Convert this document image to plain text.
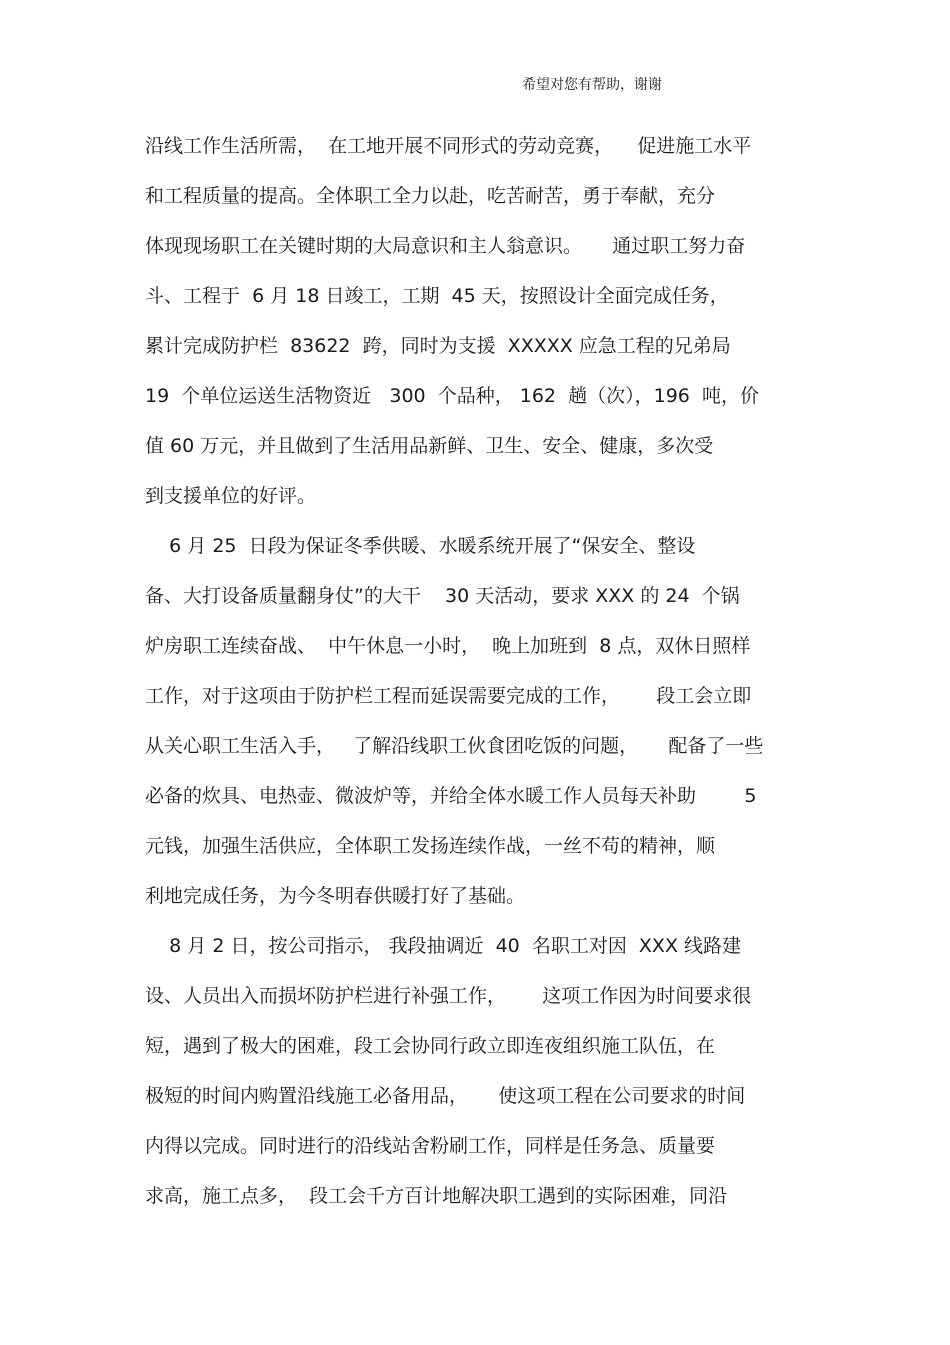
希望对您有帮助，谢谢
沿线工作生活所需，  在工地开展不同形式的劳动竞赛，    促进施工水平
和工程质量的提高。全体职工全力以赴，吃苦耐苦，勇于奉献，充分
体现现场职工在关键时期的大局意识和主人翁意识。     通过职工努力奋
斗、工程于  6 月 18 日竣工，工期  45 天，按照设计全面完成任务，
累计完成防护栏  83622  跨，同时为支援  XXXXX 应急工程的兄弟局
19  个单位运送生活物资近   300  个品种， 162  趟（次），196  吨，价
值 60 万元，并且做到了生活用品新鲜、卫生、安全、健康，多次受
到支援单位的好评。
6 月 25  日段为保证冬季供暖、水暖系统开展了“保安全、整设
备、大打设备质量翻身仗”的大干    30 天活动，要求 XXX 的 24  个锅
炉房职工连续奋战、  中午休息一小时，  晚上加班到  8 点，双休日照样
工作，对于这项由于防护栏工程而延误需要完成的工作，      段工会立即
从关心职工生活入手，   了解沿线职工伙食团吃饭的问题，     配备了一些
必备的炊具、电热壶、微波炉等，并给全体水暖工作人员每天补助        5
元钱，加强生活供应，全体职工发扬连续作战，一丝不苟的精神，顺
利地完成任务，为今冬明春供暖打好了基础。
8 月 2 日，按公司指示， 我段抽调近  40  名职工对因  XXX 线路建
设、人员出入而损坏防护栏进行补强工作，      这项工作因为时间要求很
短，遇到了极大的困难，段工会协同行政立即连夜组织施工队伍，在
极短的时间内购置沿线施工必备用品，     使这项工程在公司要求的时间
内得以完成。同时进行的沿线站舍粉刷工作，同样是任务急、质量要
求高，施工点多，  段工会千方百计地解决职工遇到的实际困难，同沿
